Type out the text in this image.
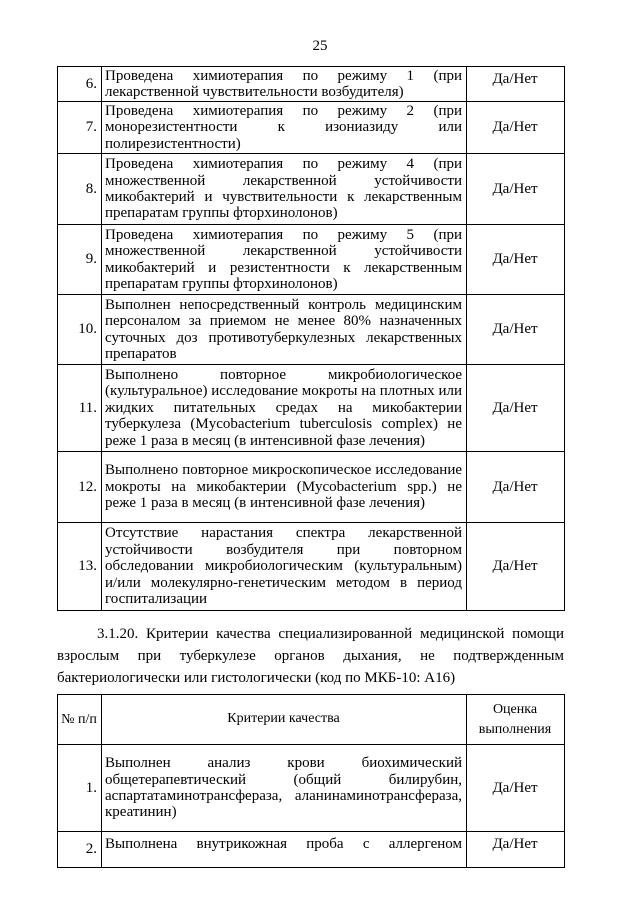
25
6.	Проведена химиотерапия по режиму 1 (при лекарственной чувствительности возбудителя)	Да/Нет
7.	Проведена химиотерапия по режиму 2 (при монорезистентности к изониазиду или полирезистентности)	Да/Нет
8.	Проведена химиотерапия по режиму 4 (при множественной лекарственной устойчивости микобактерий и чувствительности к лекарственным препаратам группы фторхинолонов)	Да/Нет
9.	Проведена химиотерапия по режиму 5 (при множественной лекарственной устойчивости микобактерий и резистентности к лекарственным препаратам группы фторхинолонов)	Да/Нет
10.	Выполнен непосредственный контроль медицинским персоналом за приемом не менее 80% назначенных суточных доз противотуберкулезных лекарственных препаратов	Да/Нет
11.	Выполнено повторное микробиологическое (культуральное) исследование мокроты на плотных или жидких питательных средах на микобактерии туберкулеза (Mycobacterium tuberculosis complex) не реже 1 раза в месяц (в интенсивной фазе лечения)	Да/Нет
12.	Выполнено повторное микроскопическое исследование мокроты на микобактерии (Mycobacterium spp.) не реже 1 раза в месяц (в интенсивной фазе лечения)	Да/Нет
13.	Отсутствие нарастания спектра лекарственной устойчивости возбудителя при повторном обследовании микробиологическим (культуральным) и/или молекулярно-генетическим методом в период госпитализации	Да/Нет
3.1.20. Критерии качества специализированной медицинской помощи
взрослым при туберкулезе органов дыхания, не подтвержденным
бактериологически или гистологически (код по МКБ-10: A16)
№ п/п	Критерии качества	Оценка выполнения
1.	Выполнен анализ крови биохимический общетерапевтический (общий билирубин, аспартатаминотрансфераза, аланинаминотрансфераза, креатинин)	Да/Нет
2.	Выполнена внутрикожная проба с аллергеном	Да/Нет
